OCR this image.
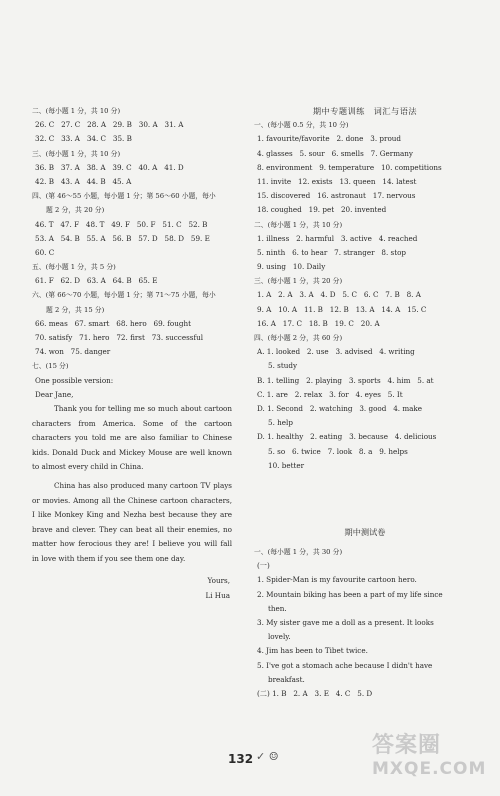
二、(每小题 1 分，共 10 分)
26. C   27. C   28. A   29. B   30. A   31. A
32. C   33. A   34. C   35. B
三、(每小题 1 分，共 10 分)
36. B   37. A   38. A   39. C   40. A   41. D
42. B   43. A   44. B   45. A
四、(第 46～55 小题，每小题 1 分；第 56～60 小题，每小
题 2 分，共 20 分)
46. T   47. F   48. T   49. F   50. F   51. C   52. B
53. A   54. B   55. A   56. B   57. D   58. D   59. E
60. C
五、(每小题 1 分，共 5 分)
61. F   62. D   63. A   64. B   65. E
六、(第 66～70 小题，每小题 1 分；第 71～75 小题，每小
题 2 分，共 15 分)
66. meas   67. smart   68. hero   69. fought
70. satisfy   71. hero   72. first   73. successful
74. won   75. danger
七、(15 分)
One possible version:
Dear Jane,

Thank you for telling me so much about cartoon characters from America. Some of the cartoon characters you told me are also familiar to Chinese kids. Donald Duck and Mickey Mouse are well known to almost every child in China.

China has also produced many cartoon TV plays or movies. Among all the Chinese cartoon characters, I like Monkey King and Nezha best because they are brave and clever. They can beat all their enemies, no matter how ferocious they are! I believe you will fall in love with them if you see them one day.

Yours,
Li Hua
期中专题训练　词汇与语法
一、(每小题 0.5 分，共 10 分)
1. favourite/favorite   2. done   3. proud
4. glasses   5. sour   6. smells   7. Germany
8. environment   9. temperature   10. competitions
11. invite   12. exists   13. queen   14. latest
15. discovered   16. astronaut   17. nervous
18. coughed   19. pet   20. invented
二、(每小题 1 分，共 10 分)
1. illness   2. harmful   3. active   4. reached
5. ninth   6. to hear   7. stranger   8. stop
9. using   10. Daily
三、(每小题 1 分，共 20 分)
1. A   2. A   3. A   4. D   5. C   6. C   7. B   8. A
9. A   10. A   11. B   12. B   13. A   14. A   15. C
16. A   17. C   18. B   19. C   20. A
四、(每小题 2 分，共 60 分)
A. 1. looked   2. use   3. advised   4. writing
5. study
B. 1. telling   2. playing   3. sports   4. him   5. at
C. 1. are   2. relax   3. for   4. eyes   5. It
D. 1. Second   2. watching   3. good   4. make
5. help
D. 1. healthy   2. eating   3. because   4. delicious
5. so   6. twice   7. look   8. a   9. helps
10. better
期中测试卷
一、(每小题 1 分，共 30 分)
(一)
1. Spider-Man is my favourite cartoon hero.
2. Mountain biking has been a part of my life since
then.
3. My sister gave me a doll as a present. It looks
lovely.
4. Jim has been to Tibet twice.
5. I've got a stomach ache because I didn't have
breakfast.
(二) 1. B   2. A   3. E   4. C   5. D
132 ✓ ☺	答案圈
MXQE.COM
